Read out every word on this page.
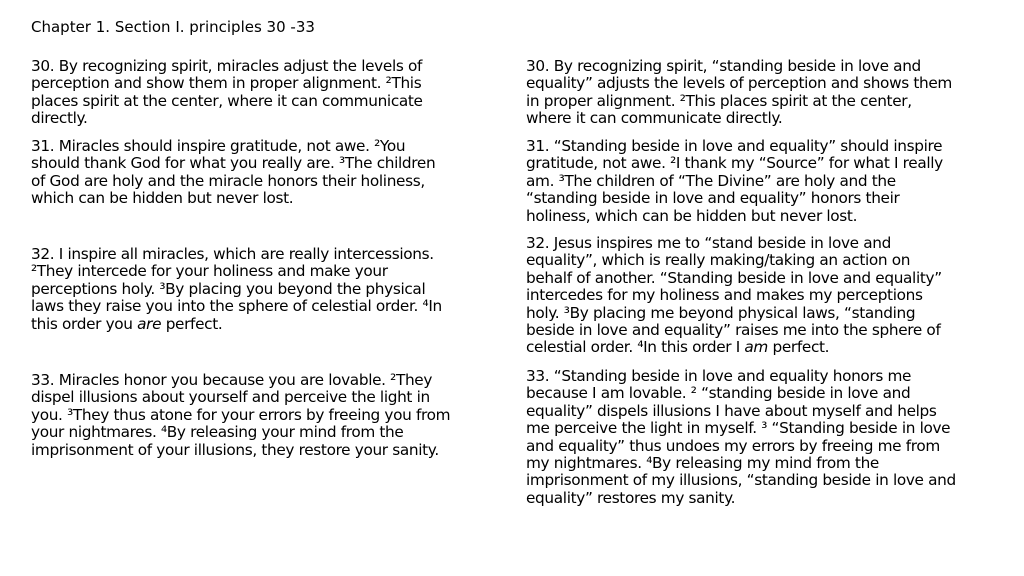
Chapter 1. Section I. principles 30 -33
30. By recognizing spirit, miracles adjust the levels of
perception and show them in proper alignment. ²This
places spirit at the center, where it can communicate
directly.
31. Miracles should inspire gratitude, not awe. ²You
should thank God for what you really are. ³The children
of God are holy and the miracle honors their holiness,
which can be hidden but never lost.
32. I inspire all miracles, which are really intercessions.
²They intercede for your holiness and make your
perceptions holy. ³By placing you beyond the physical
laws they raise you into the sphere of celestial order. ⁴In
this order you are perfect.
33. Miracles honor you because you are lovable. ²They
dispel illusions about yourself and perceive the light in
you. ³They thus atone for your errors by freeing you from
your nightmares. ⁴By releasing your mind from the
imprisonment of your illusions, they restore your sanity.
30. By recognizing spirit, “standing beside in love and
equality” adjusts the levels of perception and shows them
in proper alignment. ²This places spirit at the center,
where it can communicate directly.
31. “Standing beside in love and equality” should inspire
gratitude, not awe. ²I thank my “Source” for what I really
am. ³The children of “The Divine” are holy and the
“standing beside in love and equality” honors their
holiness, which can be hidden but never lost.
32. Jesus inspires me to “stand beside in love and
equality”, which is really making/taking an action on
behalf of another. “Standing beside in love and equality”
intercedes for my holiness and makes my perceptions
holy. ³By placing me beyond physical laws, “standing
beside in love and equality” raises me into the sphere of
celestial order. ⁴In this order I am perfect.
33. “Standing beside in love and equality honors me
because I am lovable. ² “standing beside in love and
equality” dispels illusions I have about myself and helps
me perceive the light in myself. ³ “Standing beside in love
and equality” thus undoes my errors by freeing me from
my nightmares. ⁴By releasing my mind from the
imprisonment of my illusions, “standing beside in love and
equality” restores my sanity.
